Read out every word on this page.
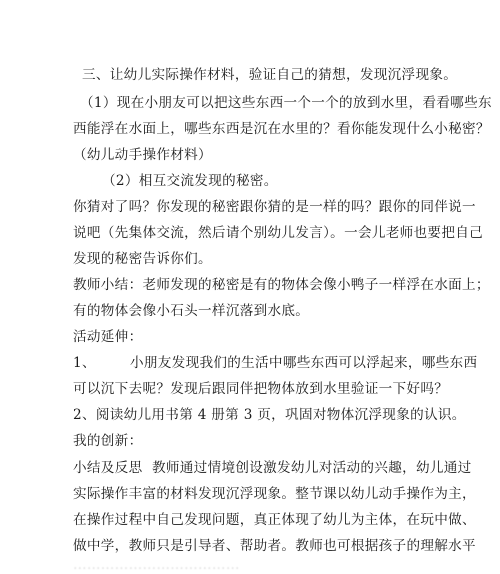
三、让幼儿实际操作材料，验证自己的猜想，发现沉浮现象。
（1）现在小朋友可以把这些东西一个一个的放到水里，看看哪些东
西能浮在水面上，哪些东西是沉在水里的？看你能发现什么小秘密？
（幼儿动手操作材料）
（2）相互交流发现的秘密。
你猜对了吗？你发现的秘密跟你猜的是一样的吗？跟你的同伴说一
说吧（先集体交流，然后请个别幼儿发言）。一会儿老师也要把自己
发现的秘密告诉你们。
教师小结：老师发现的秘密是有的物体会像小鸭子一样浮在水面上；
有的物体会像小石头一样沉落到水底。
活动延伸：
1、	小朋友发现我们的生活中哪些东西可以浮起来，哪些东西
可以沉下去呢？发现后跟同伴把物体放到水里验证一下好吗？
2、阅读幼儿用书第 4 册第 3 页，巩固对物体沉浮现象的认识。
我的创新：
小结及反思 教师通过情境创设激发幼儿对活动的兴趣，幼儿通过
实际操作丰富的材料发现沉浮现象。整节课以幼儿动手操作为主，
在操作过程中自己发现问题，真正体现了幼儿为主体，在玩中做、
做中学，教师只是引导者、帮助者。教师也可根据孩子的理解水平
………………………………
